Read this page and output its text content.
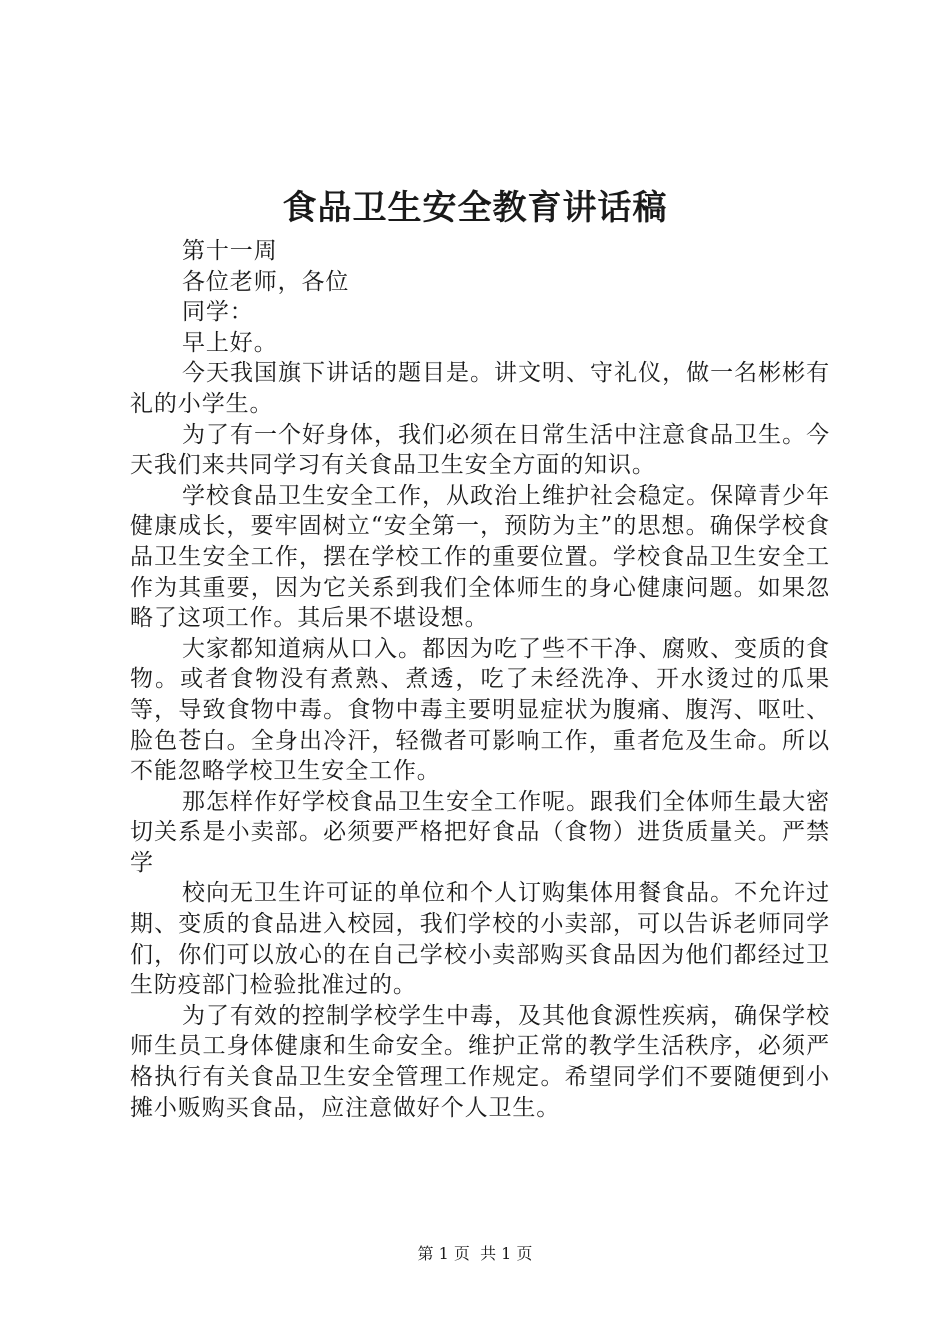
食品卫生安全教育讲话稿

第十一周

各位老师，各位

同学：

早上好。

今天我国旗下讲话的题目是。讲文明、守礼仪，做一名彬彬有礼的小学生。

为了有一个好身体，我们必须在日常生活中注意食品卫生。今天我们来共同学习有关食品卫生安全方面的知识。

学校食品卫生安全工作，从政治上维护社会稳定。保障青少年健康成长，要牢固树立“安全第一，预防为主”的思想。确保学校食品卫生安全工作，摆在学校工作的重要位置。学校食品卫生安全工作为其重要，因为它关系到我们全体师生的身心健康问题。如果忽略了这项工作。其后果不堪设想。

大家都知道病从口入。都因为吃了些不干净、腐败、变质的食物。或者食物没有煮熟、煮透，吃了未经洗净、开水烫过的瓜果等，导致食物中毒。食物中毒主要明显症状为腹痛、腹泻、呕吐、脸色苍白。全身出冷汗，轻微者可影响工作，重者危及生命。所以不能忽略学校卫生安全工作。

那怎样作好学校食品卫生安全工作呢。跟我们全体师生最大密切关系是小卖部。必须要严格把好食品（食物）进货质量关。严禁学

校向无卫生许可证的单位和个人订购集体用餐食品。不允许过期、变质的食品进入校园，我们学校的小卖部，可以告诉老师同学们，你们可以放心的在自己学校小卖部购买食品因为他们都经过卫生防疫部门检验批准过的。

为了有效的控制学校学生中毒，及其他食源性疾病，确保学校师生员工身体健康和生命安全。维护正常的教学生活秩序，必须严格执行有关食品卫生安全管理工作规定。希望同学们不要随便到小摊小贩购买食品，应注意做好个人卫生。

第 1 页  共 1 页
